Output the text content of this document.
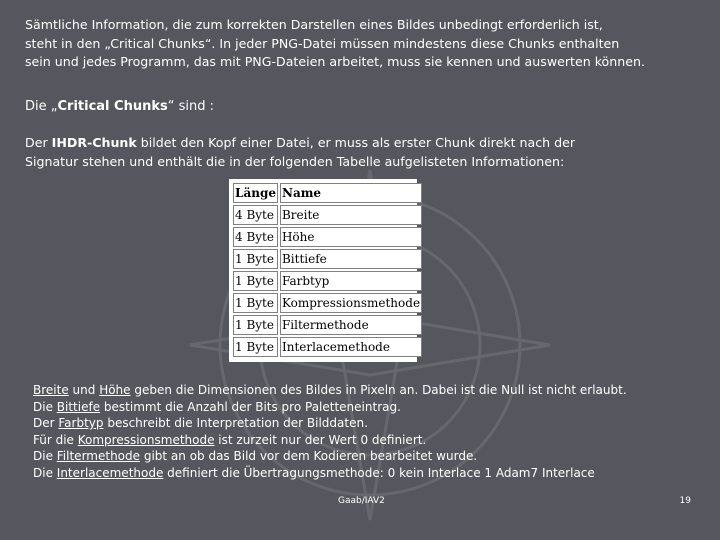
Sämtliche Information, die zum korrekten Darstellen eines Bildes unbedingt erforderlich ist,
steht in den „Critical Chunks“. In jeder PNG-Datei müssen mindestens diese Chunks enthalten
sein und jedes Programm, das mit PNG-Dateien arbeitet, muss sie kennen und auswerten können.

Die „Critical Chunks“ sind :

Der IHDR-Chunk bildet den Kopf einer Datei, er muss als erster Chunk direkt nach der
Signatur stehen und enthält die in der folgenden Tabelle aufgelisteten Informationen:

Länge	Name
4 Byte	Breite
4 Byte	Höhe
1 Byte	Bittiefe
1 Byte	Farbtyp
1 Byte	Kompressionsmethode
1 Byte	Filtermethode
1 Byte	Interlacemethode

Breite und Höhe geben die Dimensionen des Bildes in Pixeln an. Dabei ist die Null ist nicht erlaubt.
Die Bittiefe bestimmt die Anzahl der Bits pro Paletteneintrag.
Der Farbtyp beschreibt die Interpretation der Bilddaten.
Für die Kompressionsmethode ist zurzeit nur der Wert 0 definiert.
Die Filtermethode gibt an ob das Bild vor dem Kodieren bearbeitet wurde.
Die Interlacemethode definiert die Übertragungsmethode: 0 kein Interlace 1 Adam7 Interlace

Gaab/IAV2	19
